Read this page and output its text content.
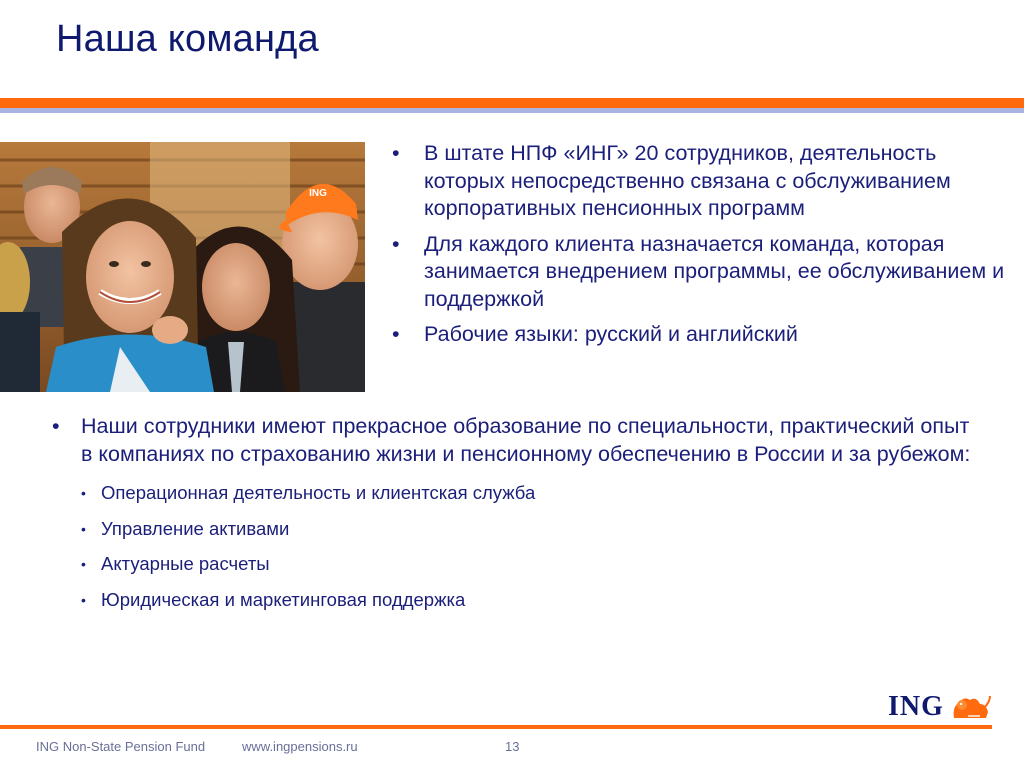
Наша команда
ING
• В штате НПФ «ИНГ» 20 сотрудников, деятельность которых непосредственно связана с обслуживанием корпоративных пенсионных программ
• Для каждого клиента назначается команда, которая занимается внедрением программы, ее обслуживанием и поддержкой
• Рабочие языки: русский и английский
• Наши сотрудники имеют прекрасное образование по специальности, практический опыт в компаниях по страхованию жизни и пенсионному обеспечению в России и за рубежом:
• Операционная деятельность и клиентская служба
• Управление активами
• Актуарные расчеты
• Юридическая и маркетинговая поддержка
ING
ING Non-State Pension Fund	www.ingpensions.ru	13
